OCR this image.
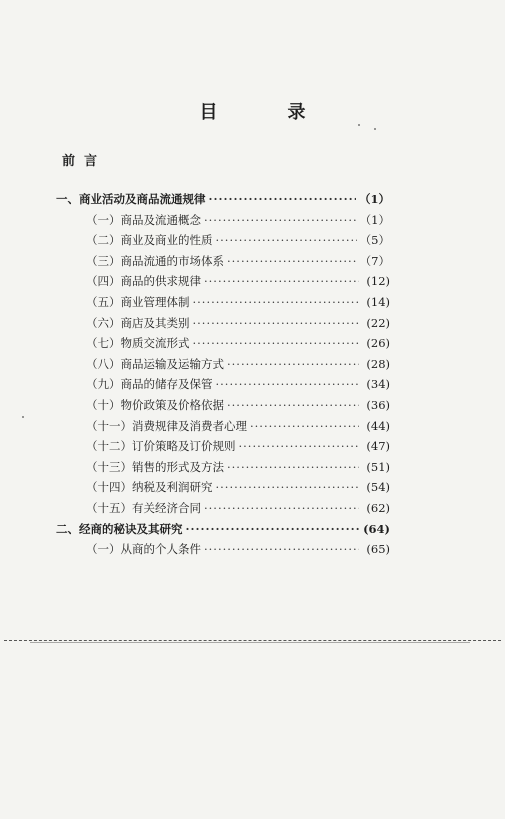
目　录
前言
一、 商业活动及商品流通规律 ·····	（1）
（一） 商品及流通概念 ·····	（1）
（二） 商业及商业的性质 ·····	（5）
（三） 商品流通的市场体系 ·····	（7）
（四） 商品的供求规律 ·····	(12)
（五） 商业管理体制 ·····	(14)
（六） 商店及其类别 ·····	(22)
（七） 物质交流形式 ·····	(26)
（八） 商品运输及运输方式 ·····	(28)
（九） 商品的储存及保管 ·····	(34)
（十） 物价政策及价格依据 ·····	(36)
（十一） 消费规律及消费者心理 ·····	(44)
（十二） 订价策略及订价规则 ·····	(47)
（十三） 销售的形式及方法 ·····	(51)
（十四） 纳税及利润研究 ·····	(54)
（十五） 有关经济合同 ·····	(62)
二、 经商的秘诀及其研究 ·····	(64)
（一） 从商的个人条件 ·····	(65)
